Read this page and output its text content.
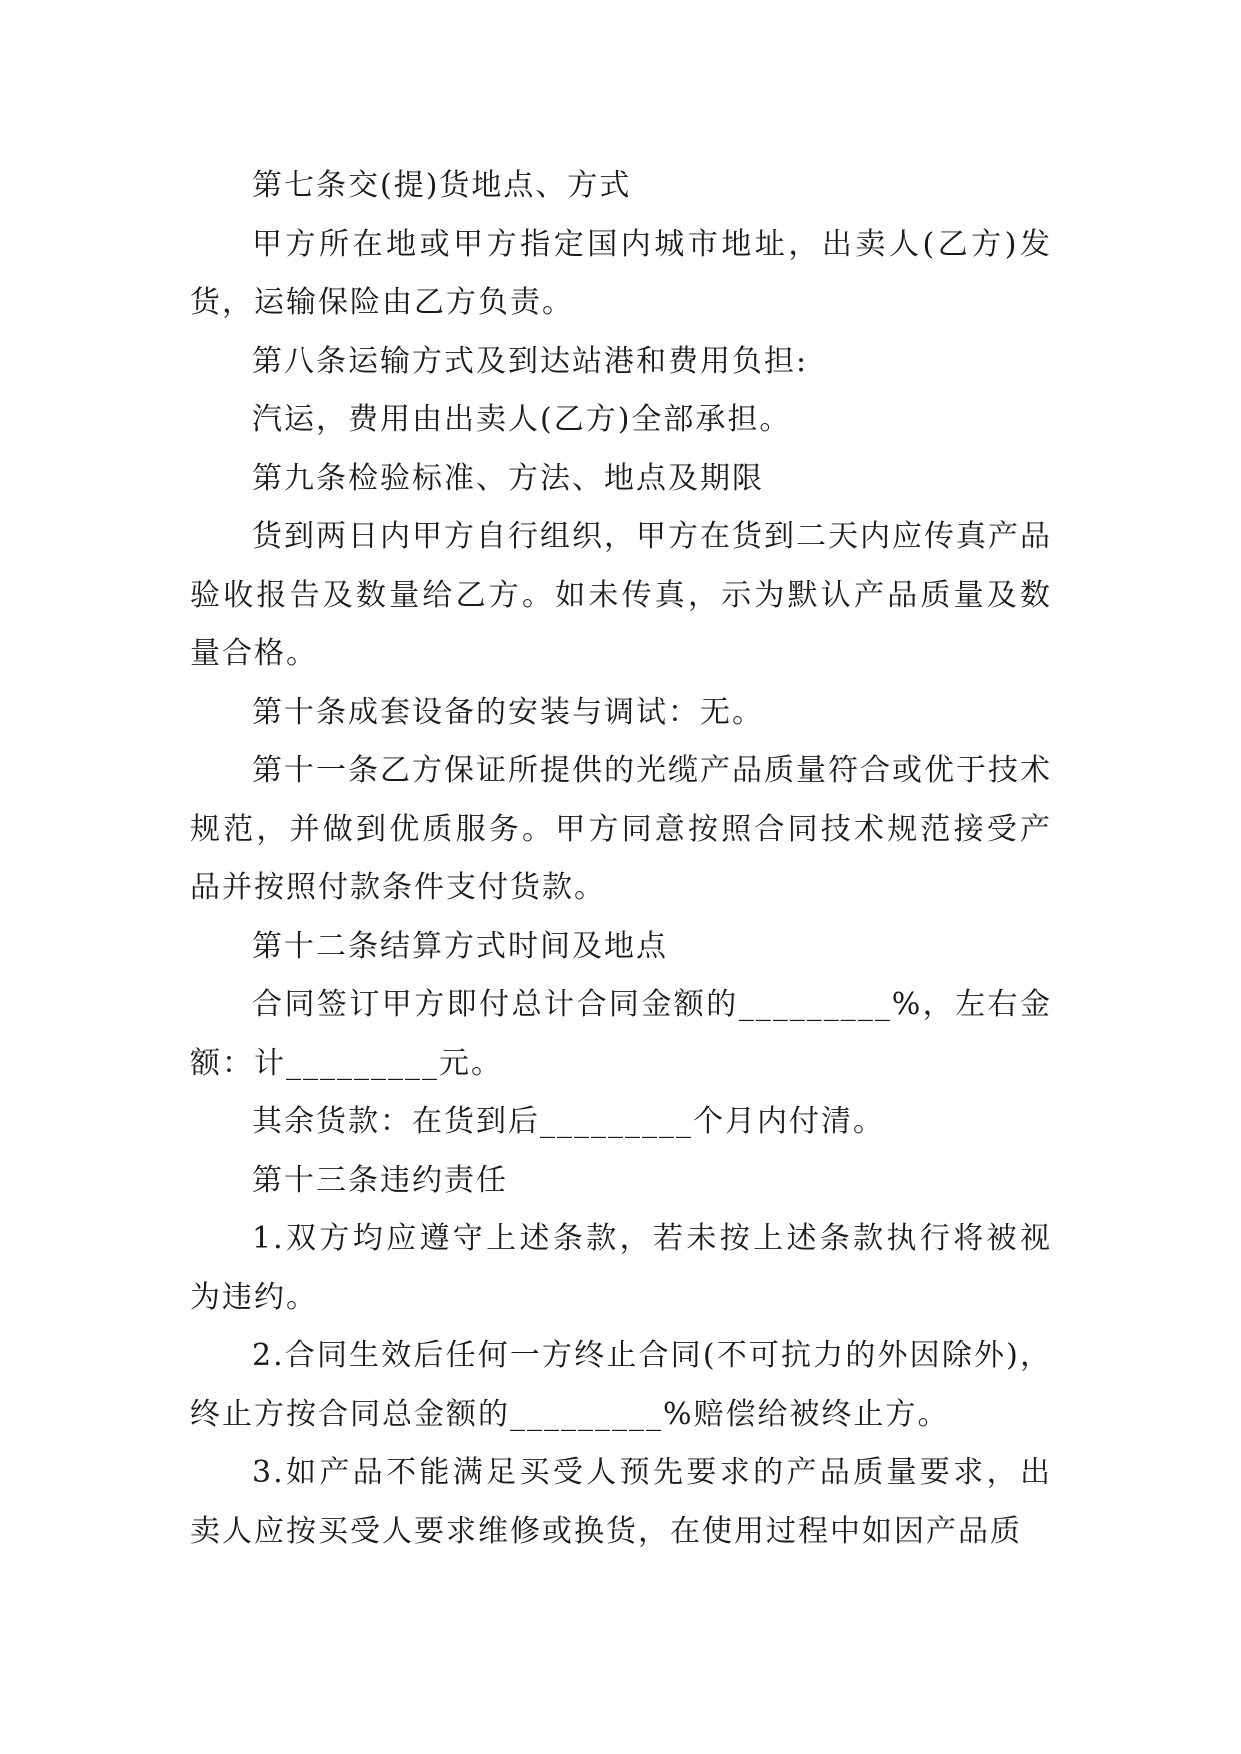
第七条交(提)货地点、方式

甲方所在地或甲方指定国内城市地址，出卖人(乙方)发货，运输保险由乙方负责。

第八条运输方式及到达站港和费用负担:

汽运，费用由出卖人(乙方)全部承担。

第九条检验标准、方法、地点及期限

货到两日内甲方自行组织，甲方在货到二天内应传真产品验收报告及数量给乙方。如未传真，示为默认产品质量及数量合格。

第十条成套设备的安装与调试：无。

第十一条乙方保证所提供的光缆产品质量符合或优于技术规范，并做到优质服务。甲方同意按照合同技术规范接受产品并按照付款条件支付货款。

第十二条结算方式时间及地点

合同签订甲方即付总计合同金额的_________%，左右金额：计_________元。

其余货款：在货到后_________个月内付清。

第十三条违约责任

1.双方均应遵守上述条款，若未按上述条款执行将被视为违约。

2.合同生效后任何一方终止合同(不可抗力的外因除外)，终止方按合同总金额的_________%赔偿给被终止方。

3.如产品不能满足买受人预先要求的产品质量要求，出卖人应按买受人要求维修或换货，在使用过程中如因产品质
